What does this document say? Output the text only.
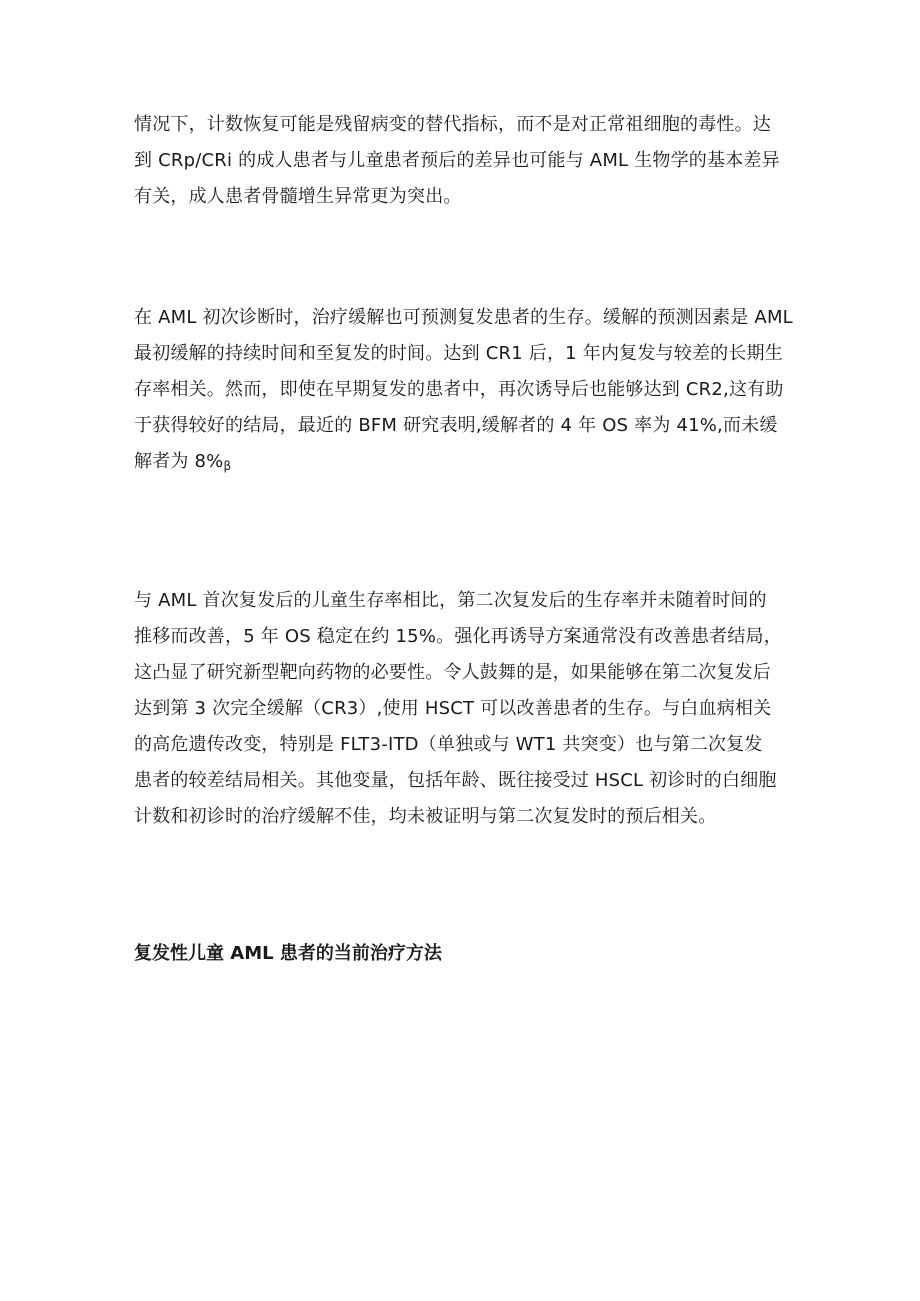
情况下，计数恢复可能是残留病变的替代指标，而不是对正常祖细胞的毒性。达
到 CRp/CRi 的成人患者与儿童患者预后的差异也可能与 AML 生物学的基本差异
有关，成人患者骨髓增生异常更为突出。

在 AML 初次诊断时，治疗缓解也可预测复发患者的生存。缓解的预测因素是 AML
最初缓解的持续时间和至复发的时间。达到 CR1 后，1 年内复发与较差的长期生
存率相关。然而，即使在早期复发的患者中，再次诱导后也能够达到 CR2,这有助
于获得较好的结局，最近的 BFM 研究表明,缓解者的 4 年 OS 率为 41%,而未缓
解者为 8%β

与 AML 首次复发后的儿童生存率相比，第二次复发后的生存率并未随着时间的
推移而改善，5 年 OS 稳定在约 15%。强化再诱导方案通常没有改善患者结局，
这凸显了研究新型靶向药物的必要性。令人鼓舞的是，如果能够在第二次复发后
达到第 3 次完全缓解（CR3）,使用 HSCT 可以改善患者的生存。与白血病相关
的高危遗传改变，特别是 FLT3-ITD（单独或与 WT1 共突变）也与第二次复发
患者的较差结局相关。其他变量，包括年龄、既往接受过 HSCL 初诊时的白细胞
计数和初诊时的治疗缓解不佳，均未被证明与第二次复发时的预后相关。

复发性儿童 AML 患者的当前治疗方法
